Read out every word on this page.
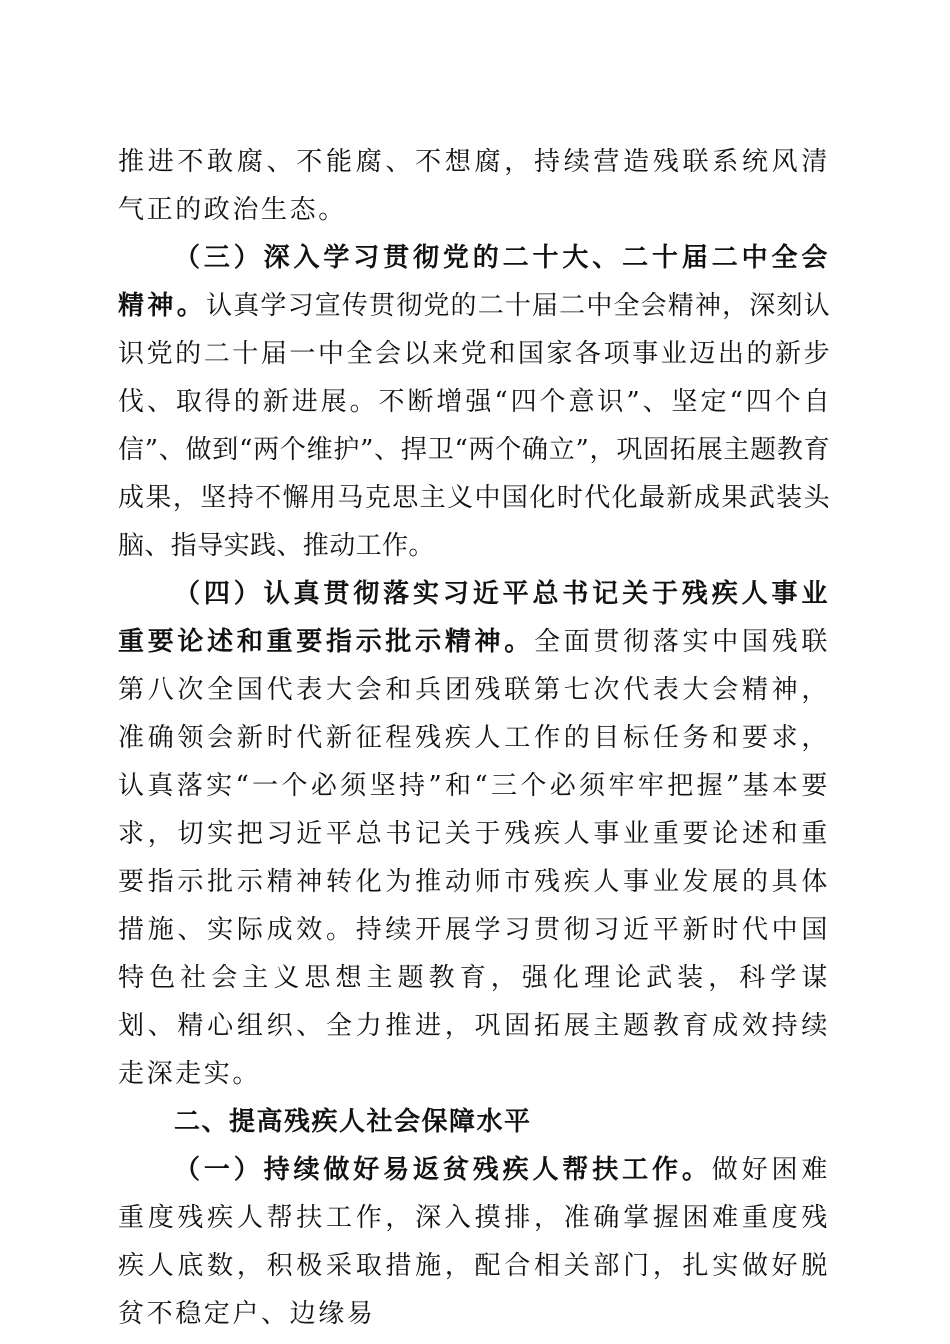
推进不敢腐、不能腐、不想腐，持续营造残联系统风清气正的政治生态。

（三）深入学习贯彻党的二十大、二十届二中全会精神。认真学习宣传贯彻党的二十届二中全会精神，深刻认识党的二十届一中全会以来党和国家各项事业迈出的新步伐、取得的新进展。不断增强“四个意识”、坚定“四个自信”、做到“两个维护”、捍卫“两个确立”，巩固拓展主题教育成果，坚持不懈用马克思主义中国化时代化最新成果武装头脑、指导实践、推动工作。

（四）认真贯彻落实习近平总书记关于残疾人事业重要论述和重要指示批示精神。全面贯彻落实中国残联第八次全国代表大会和兵团残联第七次代表大会精神，准确领会新时代新征程残疾人工作的目标任务和要求，认真落实“一个必须坚持”和“三个必须牢牢把握”基本要求，切实把习近平总书记关于残疾人事业重要论述和重要指示批示精神转化为推动师市残疾人事业发展的具体措施、实际成效。持续开展学习贯彻习近平新时代中国特色社会主义思想主题教育，强化理论武装，科学谋划、精心组织、全力推进，巩固拓展主题教育成效持续走深走实。

二、提高残疾人社会保障水平

（一）持续做好易返贫残疾人帮扶工作。做好困难重度残疾人帮扶工作，深入摸排，准确掌握困难重度残疾人底数，积极采取措施，配合相关部门，扎实做好脱贫不稳定户、边缘易
